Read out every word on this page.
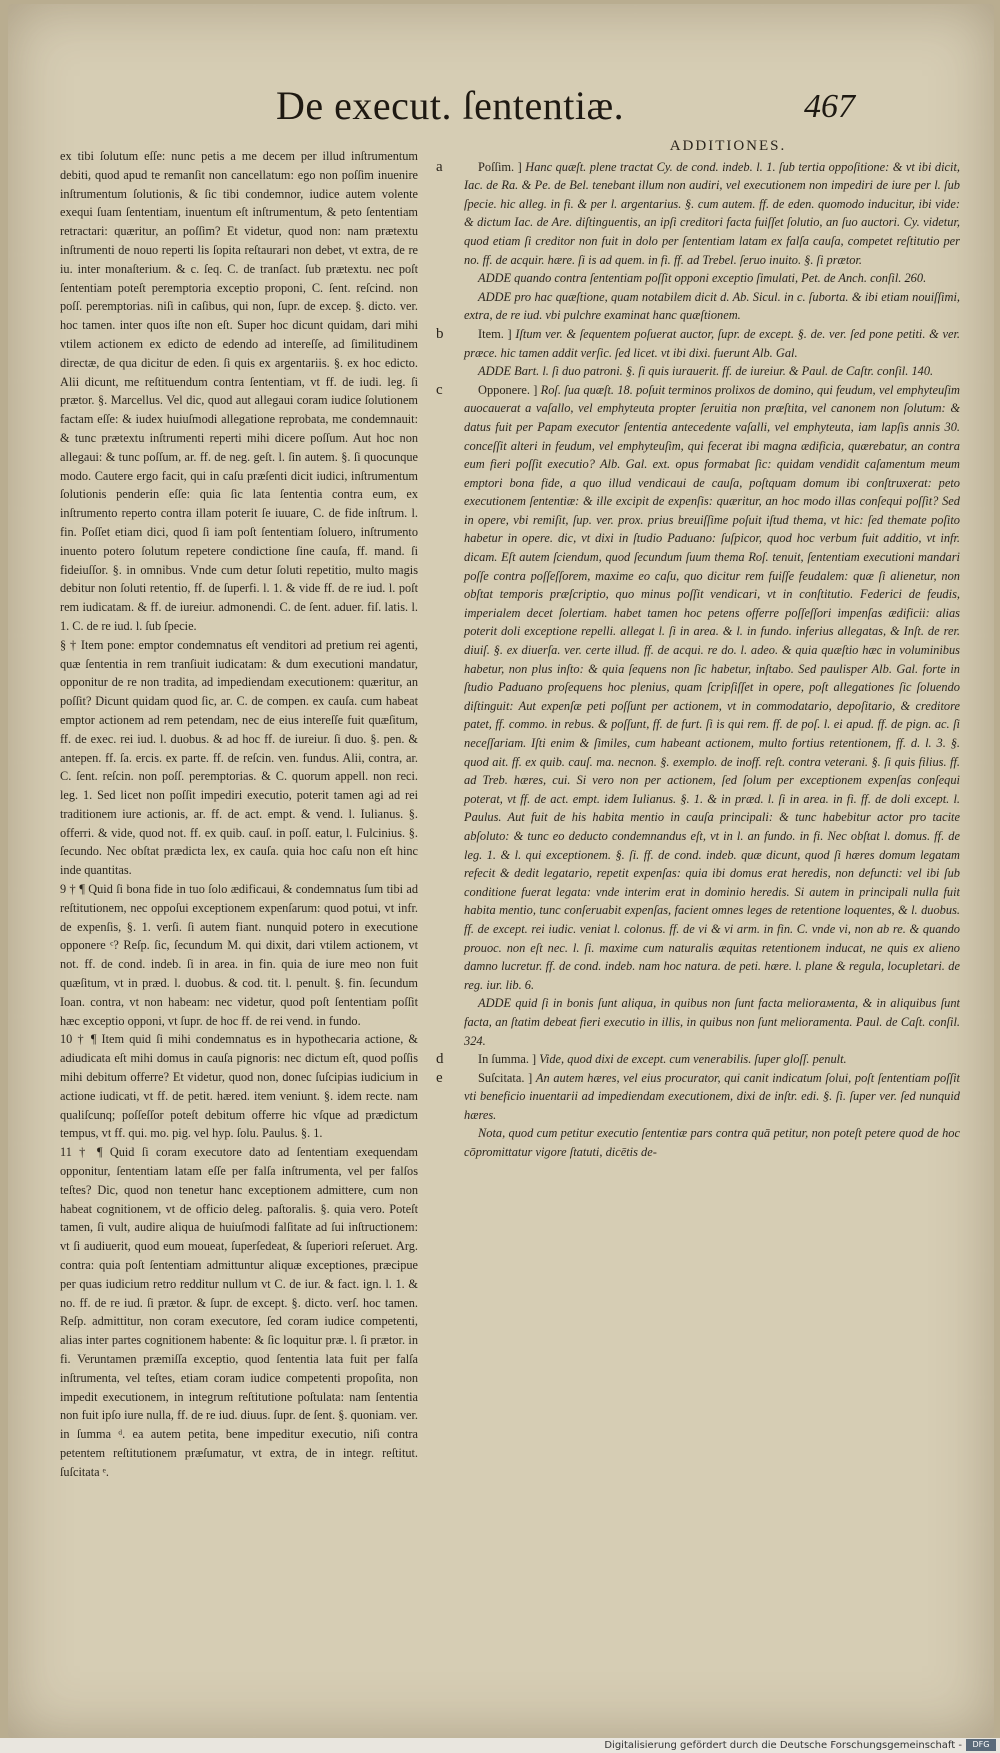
De execut. ſententiæ.	467

ex tibi ſolutum eſſe: nunc petis a me decem per illud inſtrumentum debiti, quod apud te remanſit non cancellatum: ego non poſſim inuenire inſtrumentum ſolutionis, & ſic tibi condemnor, iudice autem volente exequi ſuam ſententiam, inuentum eſt inſtrumentum, & peto ſententiam retractari: quæritur, an poſſim? Et videtur, quod non: nam prætextu inſtrumenti de nouo reperti lis ſopita reſtaurari non debet, vt extra, de re iu. inter monaſterium. & c. ſeq. C. de tranſact. ſub prætextu. nec poſt ſententiam poteſt peremptoria exceptio proponi, C. ſent. reſcind. non poſſ. peremptorias. niſi in caſibus, qui non, ſupr. de excep. §. dicto. ver. hoc tamen. inter quos iſte non eſt. Super hoc dicunt quidam, dari mihi vtilem actionem ex edicto de edendo ad intereſſe, ad ſimilitudinem directæ, de qua dicitur de eden. ſi quis ex argentariis. §. ex hoc edicto. Alii dicunt, me reſtituendum contra ſententiam, vt ff. de iudi. leg. ſi prætor. §. Marcellus. Vel dic, quod aut allegaui coram iudice ſolutionem factam eſſe: & iudex huiuſmodi allegatione reprobata, me condemnauit: & tunc prætextu inſtrumenti reperti mihi dicere poſſum. Aut hoc non allegaui: & tunc poſſum, ar. ff. de neg. geſt. l. ſin autem. §. ſi quocunque modo. Cautere ergo facit, qui in caſu præſenti dicit iudici, inſtrumentum ſolutionis penderin eſſe: quia ſic lata ſententia contra eum, ex inſtrumento reperto contra illam poterit ſe iuuare, C. de fide inſtrum. l. fin. Poſſet etiam dici, quod ſi iam poſt ſententiam ſoluero, inſtrumento inuento potero ſolutum repetere condictione ſine cauſa, ff. mand. ſi fideiuſſor. §. in omnibus. Vnde cum detur ſoluti repetitio, multo magis debitur non ſoluti retentio, ff. de ſuperfi. l. 1. & vide ff. de re iud. l. poſt rem iudicatam. & ff. de iureiur. admonendi. C. de ſent. aduer. fiſ. latis. l. 1. C. de re iud. l. ſub ſpecie.

§ † Item pone: emptor condemnatus eſt venditori ad pretium rei agenti, quæ ſententia in rem tranſiuit iudicatam: & dum executioni mandatur, opponitur de re non tradita, ad impediendam executionem: quæritur, an poſſit? Dicunt quidam quod ſic, ar. C. de compen. ex cauſa. cum habeat emptor actionem ad rem petendam, nec de eius intereſſe fuit quæſitum, ff. de exec. rei iud. l. duobus. & ad hoc ff. de iureiur. ſi duo. §. pen. & antepen. ff. ſa. ercis. ex parte. ff. de reſcin. ven. fundus. Alii, contra, ar. C. ſent. reſcin. non poſſ. peremptorias. & C. quorum appell. non reci. leg. 1. Sed licet non poſſit impediri executio, poterit tamen agi ad rei traditionem iure actionis, ar. ff. de act. empt. & vend. l. Iulianus. §. offerri. & vide, quod not. ff. ex quib. cauſ. in poſſ. eatur, l. Fulcinius. §. ſecundo. Nec obſtat prædicta lex, ex cauſa. quia hoc caſu non eſt hinc inde quantitas.

9 † ¶ Quid ſi bona fide in tuo ſolo ædificaui, & condemnatus ſum tibi ad reſtitutionem, nec oppoſui exceptionem expenſarum: quod potui, vt infr. de expenſis, §. 1. verſi. ſi autem fiant. nunquid potero in executione opponere ᶜ? Reſp. ſic, ſecundum M. qui dixit, dari vtilem actionem, vt not. ff. de cond. indeb. ſi in area. in fin. quia de iure meo non fuit quæſitum, vt in præd. l. duobus. & cod. tit. l. penult. §. fin. ſecundum Ioan. contra, vt non habeam: nec videtur, quod poſt ſententiam poſſit hæc exceptio opponi, vt ſupr. de hoc ff. de rei vend. in fundo.

10 † ¶ Item quid ſi mihi condemnatus es in hypothecaria actione, & adiudicata eſt mihi domus in cauſa pignoris: nec dictum eſt, quod poſſis mihi debitum offerre? Et videtur, quod non, donec ſuſcipias iudicium in actione iudicati, vt ff. de petit. hæred. item veniunt. §. idem recte. nam qualiſcunq; poſſeſſor poteſt debitum offerre hic vſque ad prædictum tempus, vt ff. qui. mo. pig. vel hyp. ſolu. Paulus. §. 1.

11 † ¶ Quid ſi coram executore dato ad ſententiam exequendam opponitur, ſententiam latam eſſe per falſa inſtrumenta, vel per falſos teſtes? Dic, quod non tenetur hanc exceptionem admittere, cum non habeat cognitionem, vt de officio deleg. paſtoralis. §. quia vero. Poteſt tamen, ſi vult, audire aliqua de huiuſmodi falſitate ad ſui inſtructionem: vt ſi audiuerit, quod eum moueat, ſuperſedeat, & ſuperiori reſeruet. Arg. contra: quia poſt ſententiam admittuntur aliquæ exceptiones, præcipue per quas iudicium retro redditur nullum vt C. de iur. & fact. ign. l. 1. & no. ff. de re iud. ſi prætor. & ſupr. de except. §. dicto. verſ. hoc tamen. Reſp. admittitur, non coram executore, ſed coram iudice competenti, alias inter partes cognitionem habente: & ſic loquitur præ. l. ſi prætor. in fi. Veruntamen præmiſſa exceptio, quod ſententia lata fuit per falſa inſtrumenta, vel teſtes, etiam coram iudice competenti propoſita, non impedit executionem, in integrum reſtitutione poſtulata: nam ſententia non fuit ipſo iure nulla, ff. de re iud. diuus. ſupr. de ſent. §. quoniam. ver. in ſumma ᵈ. ea autem petita, bene impeditur executio, niſi contra petentem reſtitutionem præſumatur, vt extra, de in integr. reſtitut. ſuſcitata ᵉ.

ADDITIONES.

a	Poſſim. ] Hanc quæſt. plene tractat Cy. de cond. indeb. l. 1. ſub tertia oppoſitione: & vt ibi dicit, Iac. de Ra. & Pe. de Bel. tenebant illum non audiri, vel executionem non impediri de iure per l. ſub ſpecie. hic alleg. in fi. & per l. argentarius. §. cum autem. ff. de eden. quomodo inducitur, ibi vide: & dictum Iac. de Are. diſtinguentis, an ipſi creditori facta fuiſſet ſolutio, an ſuo auctori. Cy. videtur, quod etiam ſi creditor non fuit in dolo per ſententiam latam ex falſa cauſa, competet reſtitutio per no. ff. de acquir. hære. ſi is ad quem. in fi. ff. ad Trebel. ſeruo inuito. §. ſi prætor.

ADDE quando contra ſententiam poſſit opponi exceptio ſimulati, Pet. de Anch. conſil. 260.

ADDE pro hac quæſtione, quam notabilem dicit d. Ab. Sicul. in c. ſuborta. & ibi etiam nouiſſimi, extra, de re iud. vbi pulchre examinat hanc quæſtionem.

b	Item. ] Iſtum ver. & ſequentem poſuerat auctor, ſupr. de except. §. de. ver. ſed pone petiti. & ver. præce. hic tamen addit verſic. ſed licet. vt ibi dixi. fuerunt Alb. Gal.

ADDE Bart. l. ſi duo patroni. §. ſi quis iurauerit. ff. de iureiur. & Paul. de Caſtr. conſil. 140.

c	Opponere. ] Roſ. ſua quæſt. 18. poſuit terminos prolixos de domino, qui feudum, vel emphyteuſim auocauerat a vaſallo, vel emphyteuta propter ſeruitia non præſtita, vel canonem non ſolutum: & datus fuit per Papam executor ſententia antecedente vaſalli, vel emphyteuta, iam lapſis annis 30. conceſſit alteri in feudum, vel emphyteuſim, qui fecerat ibi magna ædificia, quærebatur, an contra eum fieri poſſit executio? Alb. Gal. ext. opus formabat ſic: quidam vendidit caſamentum meum emptori bona fide, a quo illud vendicaui de cauſa, poſtquam domum ibi conſtruxerat: peto executionem ſententiæ: & ille excipit de expenſis: quæritur, an hoc modo illas conſequi poſſit? Sed in opere, vbi remiſit, ſup. ver. prox. prius breuiſſime poſuit iſtud thema, vt hic: ſed themate poſito habetur in opere. dic, vt dixi in ſtudio Paduano: ſuſpicor, quod hoc verbum fuit additio, vt infr. dicam. Eſt autem ſciendum, quod ſecundum ſuum thema Roſ. tenuit, ſententiam executioni mandari poſſe contra poſſeſſorem, maxime eo caſu, quo dicitur rem fuiſſe feudalem: quæ ſi alienetur, non obſtat temporis præſcriptio, quo minus poſſit vendicari, vt in conſtitutio. Federici de feudis, imperialem decet ſolertiam. habet tamen hoc petens offerre poſſeſſori impenſas ædificii: alias poterit doli exceptione repelli. allegat l. ſi in area. & l. in fundo. inferius allegatas, & Inſt. de rer. diuiſ. §. ex diuerſa. ver. certe illud. ff. de acqui. re do. l. adeo. & quia quæſtio hæc in voluminibus habetur, non plus inſto: & quia ſequens non ſic habetur, inſtabo. Sed paulisper Alb. Gal. forte in ſtudio Paduano proſequens hoc plenius, quam ſcripſiſſet in opere, poſt allegationes ſic ſoluendo diſtinguit: Aut expenſæ peti poſſunt per actionem, vt in commodatario, depoſitario, & creditore patet, ff. commo. in rebus. & poſſunt, ff. de furt. ſi is qui rem. ff. de poſ. l. ei apud. ff. de pign. ac. ſi neceſſariam. Iſti enim & ſimiles, cum habeant actionem, multo fortius retentionem, ff. d. l. 3. §. quod ait. ff. ex quib. cauſ. ma. necnon. §. exemplo. de inoff. reſt. contra veterani. §. ſi quis filius. ff. ad Treb. hæres, cui. Si vero non per actionem, ſed ſolum per exceptionem expenſas conſequi poterat, vt ff. de act. empt. idem Iulianus. §. 1. & in præd. l. ſi in area. in fi. ff. de doli except. l. Paulus. Aut fuit de his habita mentio in cauſa principali: & tunc habebitur actor pro tacite abſoluto: & tunc eo deducto condemnandus eſt, vt in l. an fundo. in fi. Nec obſtat l. domus. ff. de leg. 1. & l. qui exceptionem. §. ſi. ff. de cond. indeb. quæ dicunt, quod ſi hæres domum legatam refecit & dedit legatario, repetit expenſas: quia ibi domus erat heredis, non defuncti: vel ibi ſub conditione fuerat legata: vnde interim erat in dominio heredis. Si autem in principali nulla fuit habita mentio, tunc conſeruabit expenſas, facient omnes leges de retentione loquentes, & l. duobus. ff. de except. rei iudic. veniat l. colonus. ff. de vi & vi arm. in fin. C. vnde vi, non ab re. & quando prouoc. non eſt nec. l. ſi. maxime cum naturalis æquitas retentionem inducat, ne quis ex alieno damno lucretur. ff. de cond. indeb. nam hoc natura. de peti. hære. l. plane & regula, locupletari. de reg. iur. lib. 6.

ADDE quid ſi in bonis ſunt aliqua, in quibus non ſunt facta meliorамenta, & in aliquibus ſunt facta, an ſtatim debeat fieri executio in illis, in quibus non ſunt melioramenta. Paul. de Caſt. conſil. 324.

d	In ſumma. ] Vide, quod dixi de except. cum venerabilis. ſuper gloſſ. penult.

e	Suſcitata. ] An autem hæres, vel eius procurator, qui canit indicatum ſolui, poſt ſententiam poſſit vti beneficio inuentarii ad impediendam executionem, dixi de inſtr. edi. §. ſi. ſuper ver. ſed nunquid hæres.

Nota, quod cum petitur executio ſententiæ pars contra quā petitur, non poteſt petere quod de hoc cōpromittatur vigore ſtatuti, dicētis de-

Digitalisierung gefördert durch die Deutsche Forschungsgemeinschaft -	DFG
